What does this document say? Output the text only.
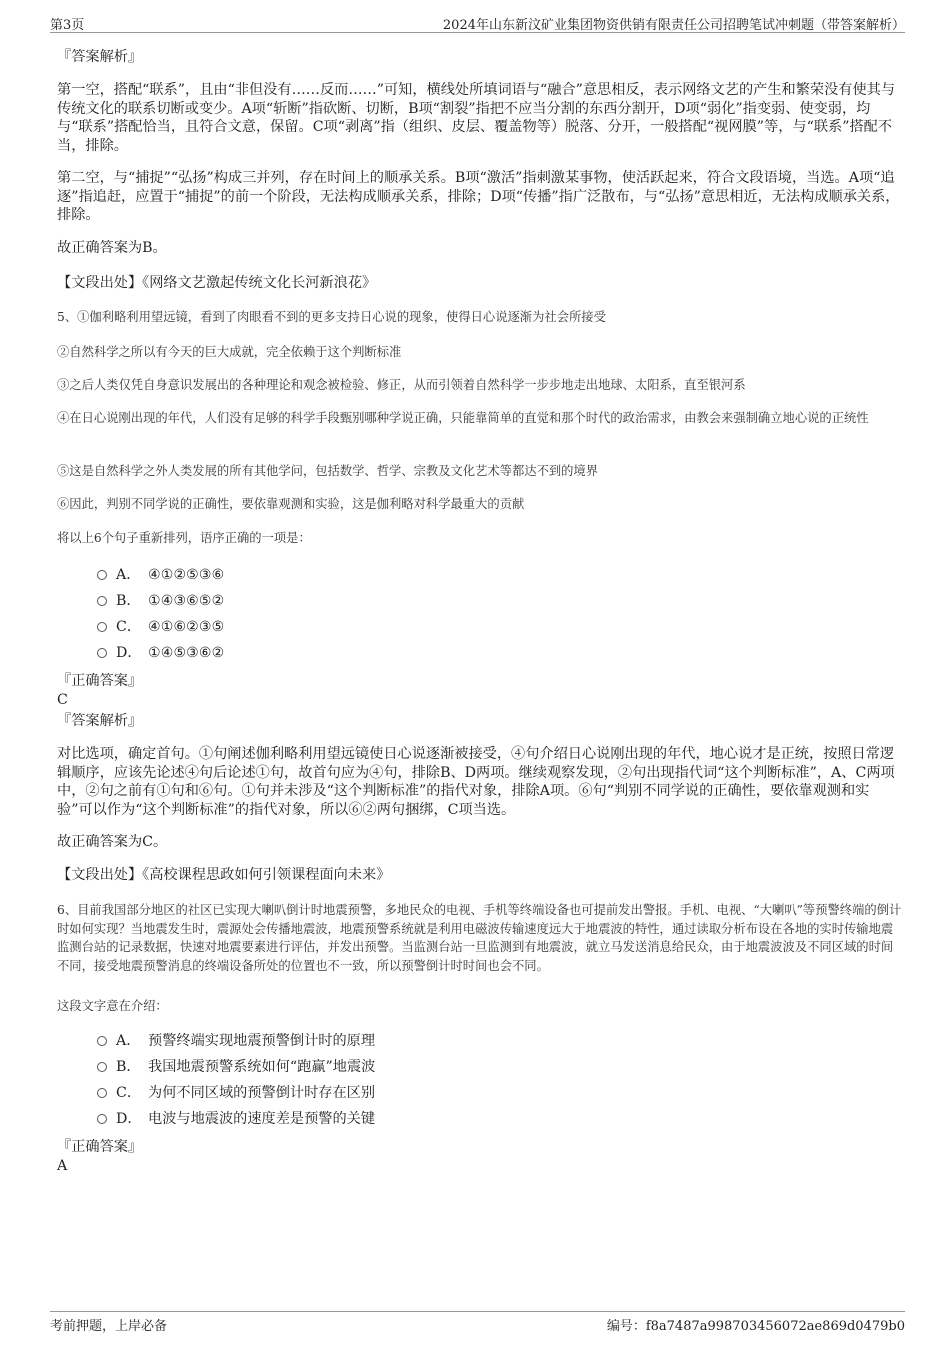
第3页	2024年山东新汶矿业集团物资供销有限责任公司招聘笔试冲刺题（带答案解析）
『答案解析』
第一空，搭配“联系”，且由“非但没有……反而……”可知，横线处所填词语与“融合”意思相反，表示网络文艺的产生和繁荣没有使其与传统文化的联系切断或变少。A项“斩断”指砍断、切断，B项“割裂”指把不应当分割的东西分割开，D项“弱化”指变弱、使变弱，均与“联系”搭配恰当，且符合文意，保留。C项“剥离”指（组织、皮层、覆盖物等）脱落、分开，一般搭配“视网膜”等，与“联系”搭配不当，排除。
第二空，与“捕捉”“弘扬”构成三并列，存在时间上的顺承关系。B项“激活”指刺激某事物，使活跃起来，符合文段语境，当选。A项“追逐”指追赶，应置于“捕捉”的前一个阶段，无法构成顺承关系，排除；D项“传播”指广泛散布，与“弘扬”意思相近，无法构成顺承关系，排除。
故正确答案为B。
【文段出处】《网络文艺激起传统文化长河新浪花》
5、①伽利略利用望远镜，看到了肉眼看不到的更多支持日心说的现象，使得日心说逐渐为社会所接受
②自然科学之所以有今天的巨大成就，完全依赖于这个判断标准
③之后人类仅凭自身意识发展出的各种理论和观念被检验、修正，从而引领着自然科学一步步地走出地球、太阳系，直至银河系
④在日心说刚出现的年代，人们没有足够的科学手段甄别哪种学说正确，只能靠简单的直觉和那个时代的政治需求，由教会来强制确立地心说的正统性
⑤这是自然科学之外人类发展的所有其他学问，包括数学、哲学、宗教及文化艺术等都达不到的境界
⑥因此，判别不同学说的正确性，要依靠观测和实验，这是伽利略对科学最重大的贡献
将以上6个句子重新排列，语序正确的一项是：
A． ④①②⑤③⑥
B． ①④③⑥⑤②
C． ④①⑥②③⑤
D． ①④⑤③⑥②
『正确答案』
C
『答案解析』
对比选项，确定首句。①句阐述伽利略利用望远镜使日心说逐渐被接受，④句介绍日心说刚出现的年代，地心说才是正统，按照日常逻辑顺序，应该先论述④句后论述①句，故首句应为④句，排除B、D两项。继续观察发现，②句出现指代词“这个判断标准”，A、C两项中，②句之前有①句和⑥句。①句并未涉及“这个判断标准”的指代对象，排除A项。⑥句“判别不同学说的正确性，要依靠观测和实验”可以作为“这个判断标准”的指代对象，所以⑥②两句捆绑，C项当选。
故正确答案为C。
【文段出处】《高校课程思政如何引领课程面向未来》
6、目前我国部分地区的社区已实现大喇叭倒计时地震预警，多地民众的电视、手机等终端设备也可提前发出警报。手机、电视、“大喇叭”等预警终端的倒计时如何实现？当地震发生时，震源处会传播地震波，地震预警系统就是利用电磁波传输速度远大于地震波的特性，通过读取分析布设在各地的实时传输地震监测台站的记录数据，快速对地震要素进行评估，并发出预警。当监测台站一旦监测到有地震波，就立马发送消息给民众，由于地震波波及不同区域的时间不同，接受地震预警消息的终端设备所处的位置也不一致，所以预警倒计时时间也会不同。
这段文字意在介绍：
A． 预警终端实现地震预警倒计时的原理
B． 我国地震预警系统如何“跑赢”地震波
C． 为何不同区域的预警倒计时存在区别
D． 电波与地震波的速度差是预警的关键
『正确答案』
A
考前押题，上岸必备	编号：f8a7487a998703456072ae869d0479b0
